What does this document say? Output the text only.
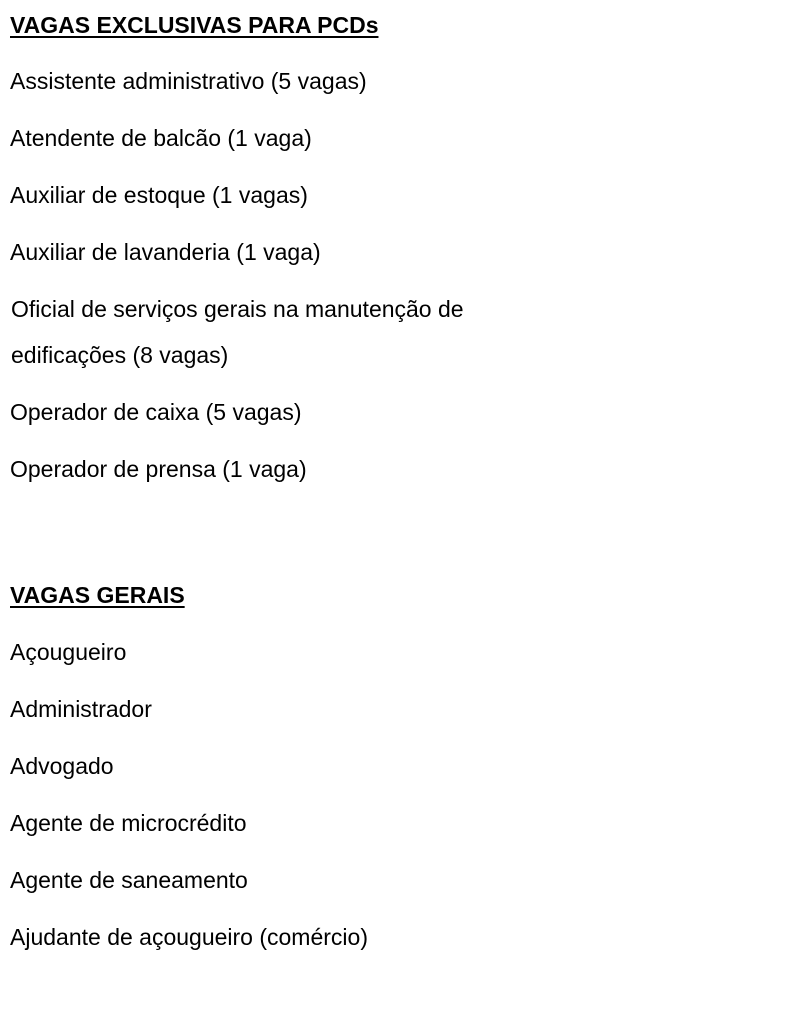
VAGAS EXCLUSIVAS PARA PCDs
Assistente administrativo (5 vagas)
Atendente de balcão (1 vaga)
Auxiliar de estoque (1 vagas)
Auxiliar de lavanderia (1 vaga)
Oficial de serviços gerais na manutenção de
edificações (8 vagas)
Operador de caixa (5 vagas)
Operador de prensa (1 vaga)
VAGAS GERAIS
Açougueiro
Administrador
Advogado
Agente de microcrédito
Agente de saneamento
Ajudante de açougueiro (comércio)
